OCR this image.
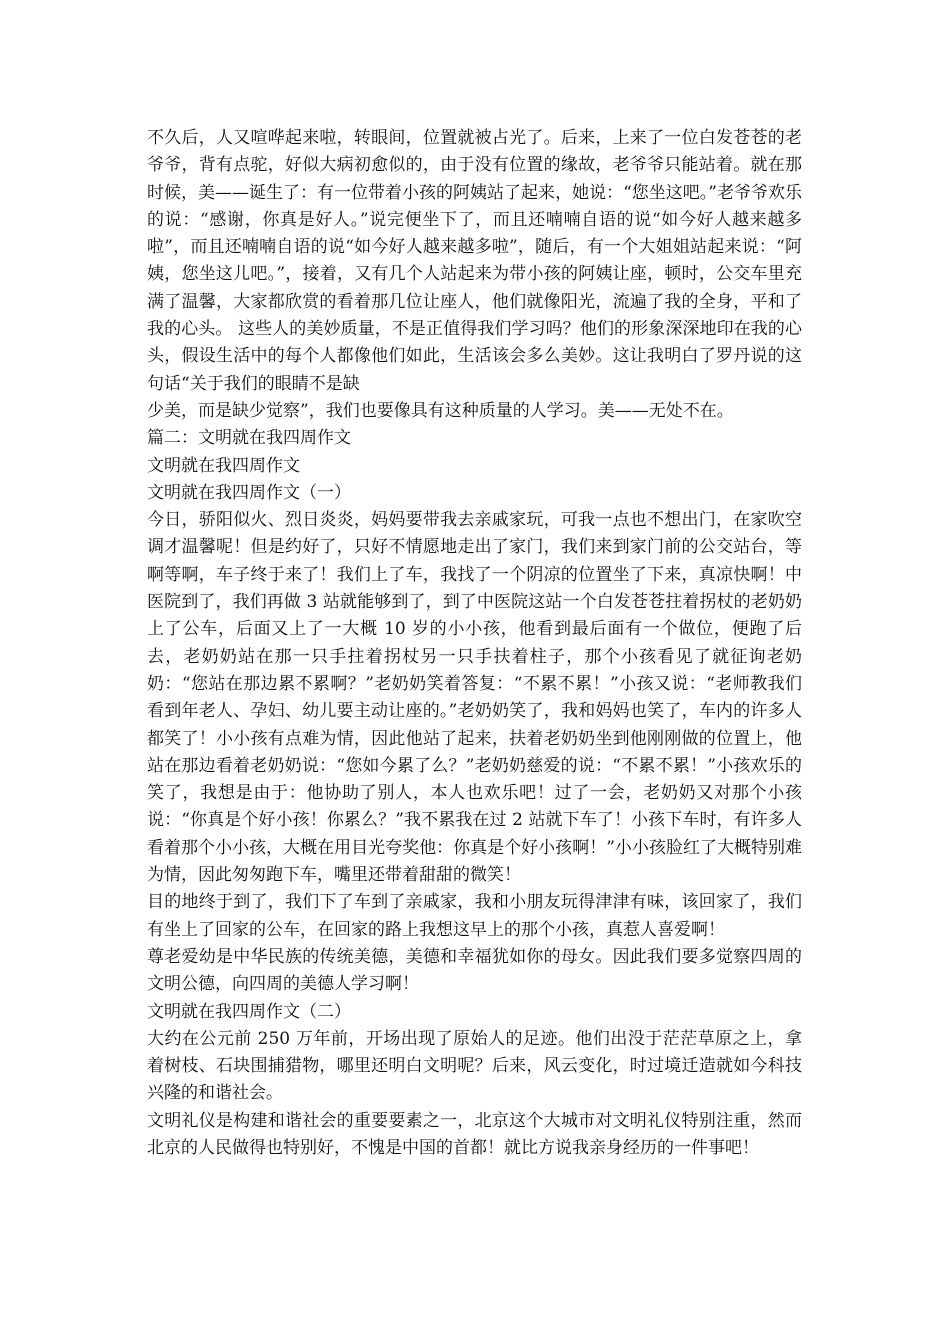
不久后，人又喧哗起来啦，转眼间，位置就被占光了。后来，上来了一位白发苍苍的老爷爷，背有点驼，好似大病初愈似的，由于没有位置的缘故，老爷爷只能站着。就在那时候，美——诞生了：有一位带着小孩的阿姨站了起来，她说：“您坐这吧。”老爷爷欢乐的说：“感谢，你真是好人。”说完便坐下了，而且还喃喃自语的说“如今好人越来越多啦”，而且还喃喃自语的说“如今好人越来越多啦”，随后，有一个大姐姐站起来说：“阿姨，您坐这儿吧。”，接着，又有几个人站起来为带小孩的阿姨让座，顿时，公交车里充满了温馨，大家都欣赏的看着那几位让座人，他们就像阳光，流遍了我的全身，平和了我的心头。 这些人的美妙质量，不是正值得我们学习吗？他们的形象深深地印在我的心头，假设生活中的每个人都像他们如此，生活该会多么美妙。这让我明白了罗丹说的这句话“关于我们的眼睛不是缺

少美，而是缺少觉察”，我们也要像具有这种质量的人学习。美——无处不在。

篇二：文明就在我四周作文

文明就在我四周作文

文明就在我四周作文（一）

今日，骄阳似火、烈日炎炎，妈妈要带我去亲戚家玩，可我一点也不想出门，在家吹空调才温馨呢！但是约好了，只好不情愿地走出了家门，我们来到家门前的公交站台，等啊等啊，车子终于来了！我们上了车，我找了一个阴凉的位置坐了下来，真凉快啊！中医院到了，我们再做 3 站就能够到了，到了中医院这站一个白发苍苍拄着拐杖的老奶奶上了公车，后面又上了一大概 10 岁的小小孩，他看到最后面有一个做位，便跑了后去，老奶奶站在那一只手拄着拐杖另一只手扶着柱子，那个小孩看见了就征询老奶奶：“您站在那边累不累啊？”老奶奶笑着答复：“不累不累！”小孩又说：“老师教我们看到年老人、孕妇、幼儿要主动让座的。”老奶奶笑了，我和妈妈也笑了，车内的许多人都笑了！小小孩有点难为情，因此他站了起来，扶着老奶奶坐到他刚刚做的位置上，他站在那边看着老奶奶说：“您如今累了么？”老奶奶慈爱的说：“不累不累！”小孩欢乐的笑了，我想是由于：他协助了别人，本人也欢乐吧！过了一会，老奶奶又对那个小孩说：“你真是个好小孩！你累么？”我不累我在过 2 站就下车了！小孩下车时，有许多人看着那个小小孩，大概在用目光夸奖他：你真是个好小孩啊！”小小孩脸红了大概特别难为情，因此匆匆跑下车，嘴里还带着甜甜的微笑！

目的地终于到了，我们下了车到了亲戚家，我和小朋友玩得津津有味，该回家了，我们有坐上了回家的公车，在回家的路上我想这早上的那个小孩，真惹人喜爱啊！

尊老爱幼是中华民族的传统美德，美德和幸福犹如你的母女。因此我们要多觉察四周的文明公德，向四周的美德人学习啊！

文明就在我四周作文（二）

大约在公元前 250 万年前，开场出现了原始人的足迹。他们出没于茫茫草原之上，拿着树枝、石块围捕猎物，哪里还明白文明呢？后来，风云变化，时过境迁造就如今科技兴隆的和谐社会。

文明礼仪是构建和谐社会的重要要素之一，北京这个大城市对文明礼仪特别注重，然而北京的人民做得也特别好，不愧是中国的首都！就比方说我亲身经历的一件事吧！
